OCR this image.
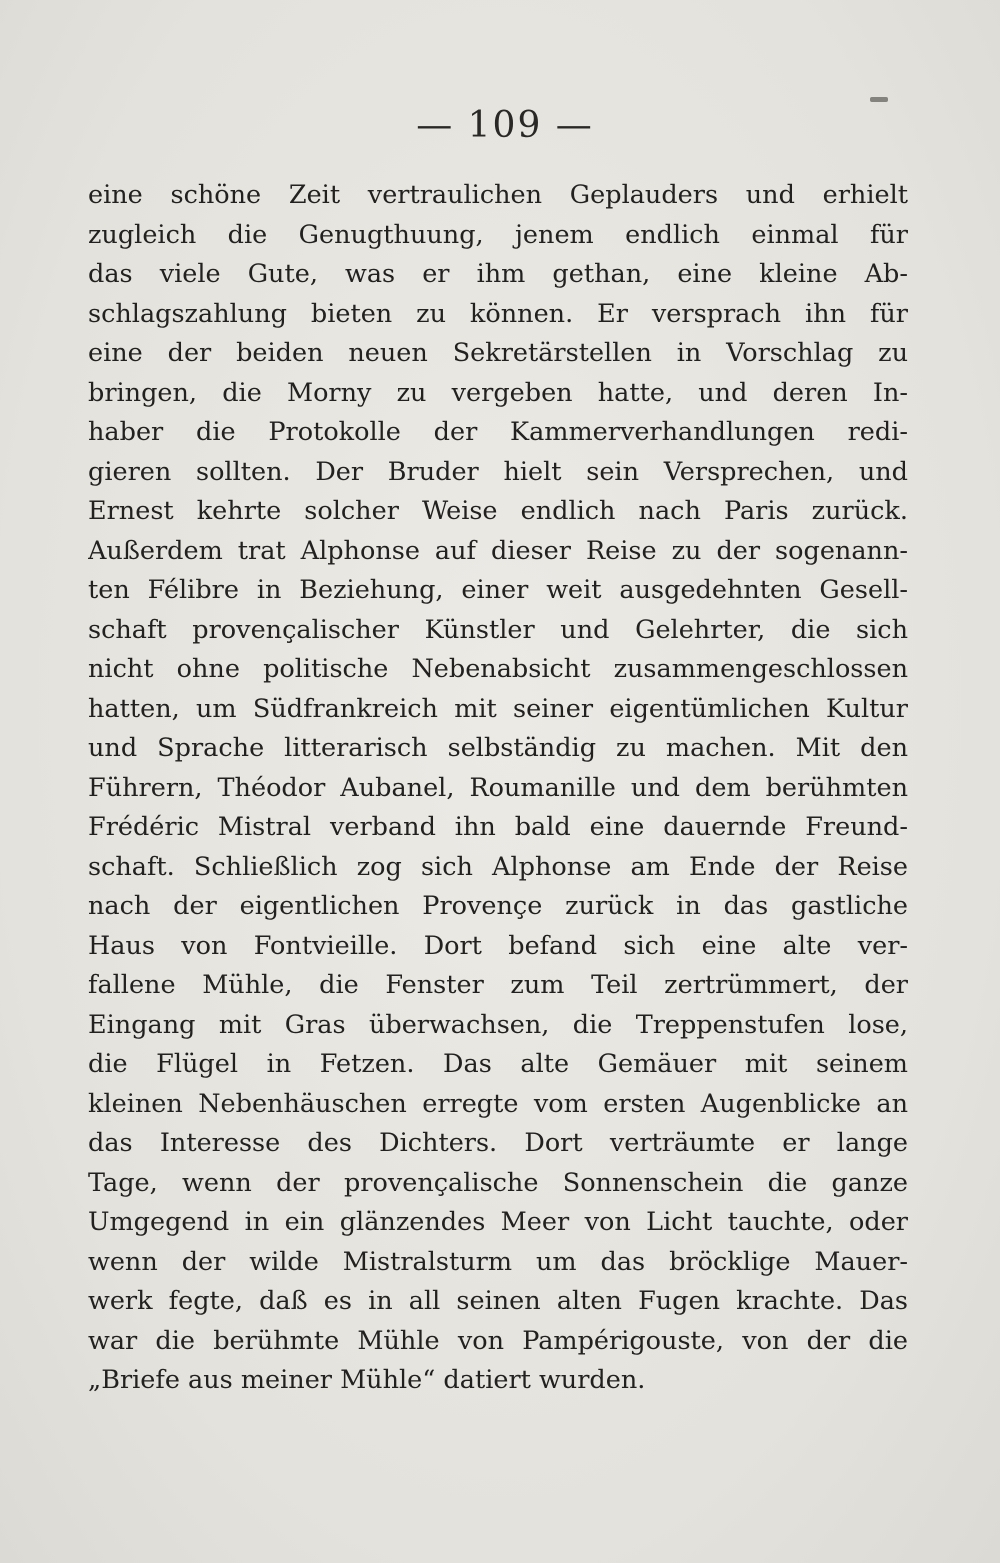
— 109 —
eine schöne Zeit vertraulichen Geplauders und erhielt
zugleich die Genugthuung, jenem endlich einmal für
das viele Gute, was er ihm gethan, eine kleine Ab-
schlagszahlung bieten zu können. Er versprach ihn für
eine der beiden neuen Sekretärstellen in Vorschlag zu
bringen, die Morny zu vergeben hatte, und deren In-
haber die Protokolle der Kammerverhandlungen redi-
gieren sollten. Der Bruder hielt sein Versprechen, und
Ernest kehrte solcher Weise endlich nach Paris zurück.
Außerdem trat Alphonse auf dieser Reise zu der sogenann-
ten Félibre in Beziehung, einer weit ausgedehnten Gesell-
schaft provençalischer Künstler und Gelehrter, die sich
nicht ohne politische Nebenabsicht zusammengeschlossen
hatten, um Südfrankreich mit seiner eigentümlichen Kultur
und Sprache litterarisch selbständig zu machen. Mit den
Führern, Théodor Aubanel, Roumanille und dem berühmten
Frédéric Mistral verband ihn bald eine dauernde Freund-
schaft. Schließlich zog sich Alphonse am Ende der Reise
nach der eigentlichen Provençe zurück in das gastliche
Haus von Fontvieille. Dort befand sich eine alte ver-
fallene Mühle, die Fenster zum Teil zertrümmert, der
Eingang mit Gras überwachsen, die Treppenstufen lose,
die Flügel in Fetzen. Das alte Gemäuer mit seinem
kleinen Nebenhäuschen erregte vom ersten Augenblicke an
das Interesse des Dichters. Dort verträumte er lange
Tage, wenn der provençalische Sonnenschein die ganze
Umgegend in ein glänzendes Meer von Licht tauchte, oder
wenn der wilde Mistralsturm um das bröcklige Mauer-
werk fegte, daß es in all seinen alten Fugen krachte. Das
war die berühmte Mühle von Pampérigouste, von der die
„Briefe aus meiner Mühle“ datiert wurden.
